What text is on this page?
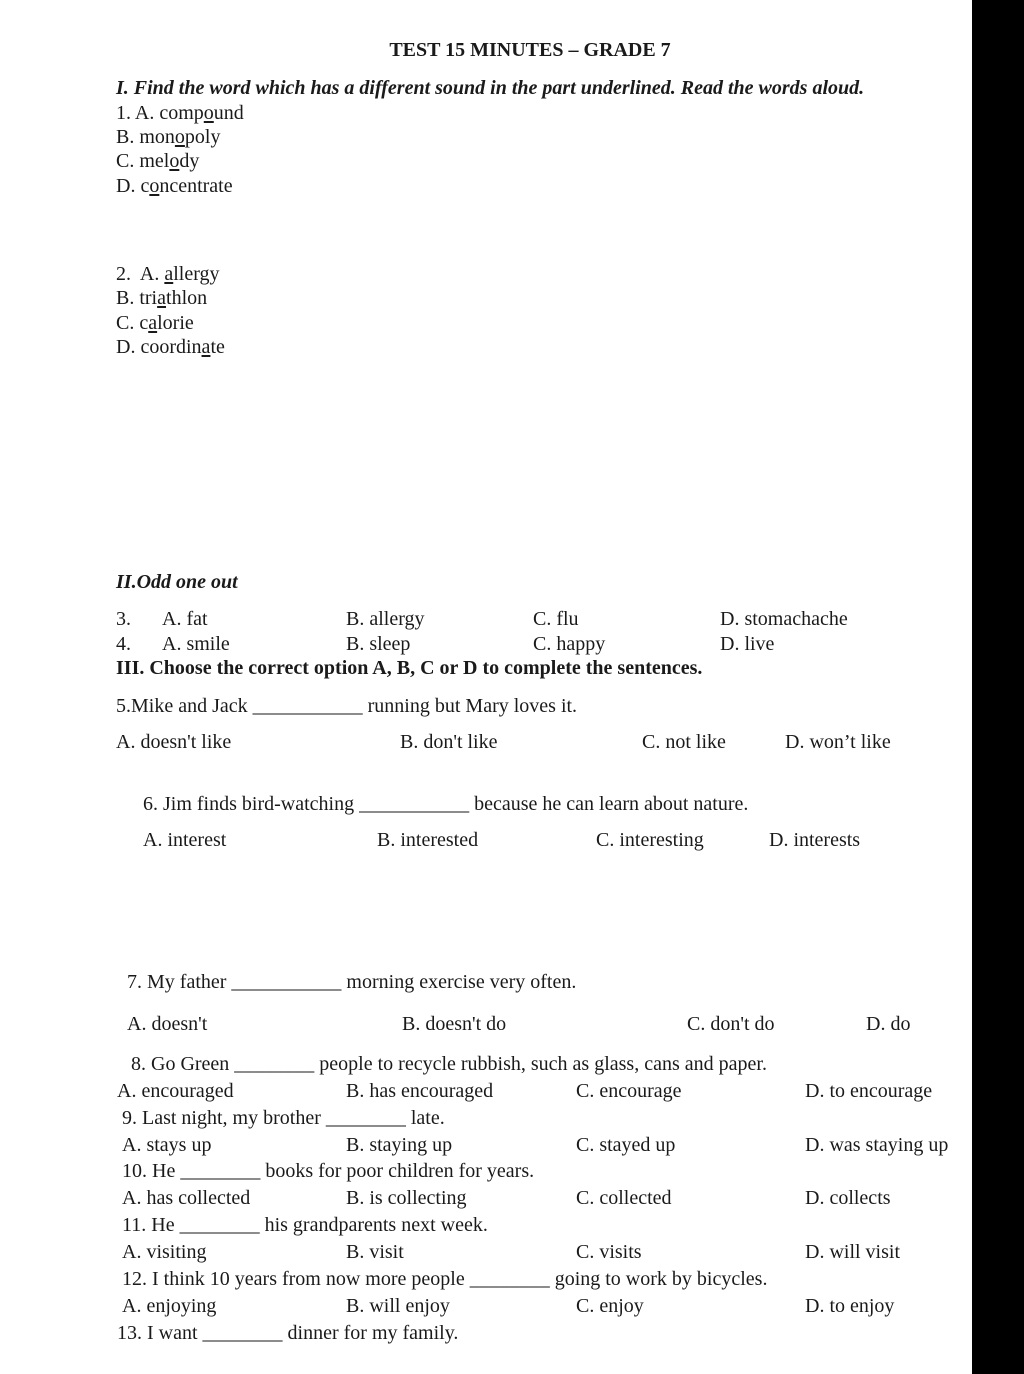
TEST 15 MINUTES – GRADE 7
I. Find the word which has a different sound in the part underlined. Read the words aloud.
1. A. compound
B. monopoly
C. melody
D. concentrate
2.  A. allergy
B. triathlon
C. calorie
D. coordinate
II.Odd one out
3. A. fat	B. allergy	C. flu	D. stomachache
4. A. smile	B. sleep	C. happy	D. live
III. Choose the correct option A, B, C or D to complete the sentences.
5.Mike and Jack ___________ running but Mary loves it.
A. doesn't like	B. don't like	C. not like	D. won’t like
6. Jim finds bird-watching ___________ because he can learn about nature.
A. interest	B. interested	C. interesting	D. interests
7. My father ___________ morning exercise very often.
A. doesn't	B. doesn't do	C. don't do	D. do
8. Go Green ________ people to recycle rubbish, such as glass, cans and paper.
A. encouraged	B. has encouraged	C. encourage	D. to encourage
9. Last night, my brother ________ late.
A. stays up	B. staying up	C. stayed up	D. was staying up
10. He ________ books for poor children for years.
A. has collected	B. is collecting	C. collected	D. collects
11. He ________ his grandparents next week.
A. visiting	B. visit	C. visits	D. will visit
12. I think 10 years from now more people ________ going to work by bicycles.
A. enjoying	B. will enjoy	C. enjoy	D. to enjoy
13. I want ________ dinner for my family.
